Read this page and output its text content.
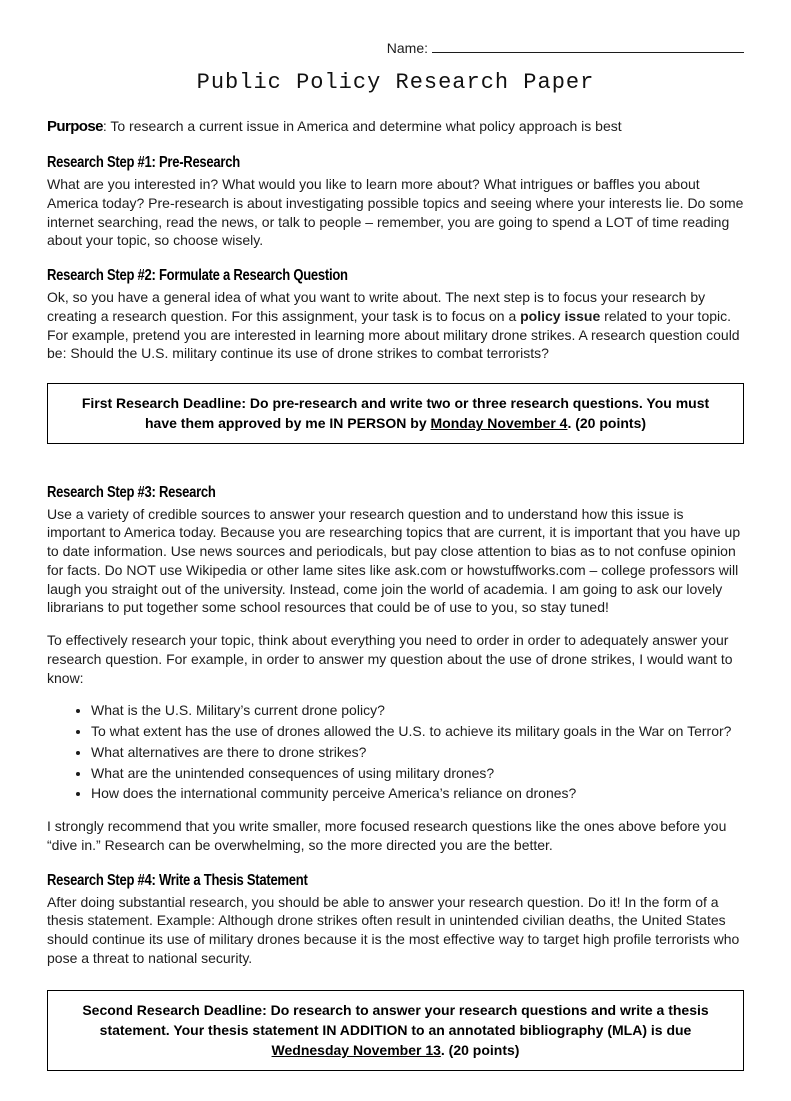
Name:
Public Policy Research Paper

Purpose: To research a current issue in America and determine what policy approach is best

Research Step #1: Pre-Research

What are you interested in? What would you like to learn more about? What intrigues or baffles you about America today? Pre-research is about investigating possible topics and seeing where your interests lie. Do some internet searching, read the news, or talk to people – remember, you are going to spend a LOT of time reading about your topic, so choose wisely.

Research Step #2: Formulate a Research Question

Ok, so you have a general idea of what you want to write about. The next step is to focus your research by creating a research question. For this assignment, your task is to focus on a policy issue related to your topic. For example, pretend you are interested in learning more about military drone strikes. A research question could be: Should the U.S. military continue its use of drone strikes to combat terrorists?

First Research Deadline: Do pre-research and write two or three research questions. You must have them approved by me IN PERSON by Monday November 4. (20 points)
Research Step #3: Research

Use a variety of credible sources to answer your research question and to understand how this issue is important to America today. Because you are researching topics that are current, it is important that you have up to date information. Use news sources and periodicals, but pay close attention to bias as to not confuse opinion for facts. Do NOT use Wikipedia or other lame sites like ask.com or howstuffworks.com – college professors will laugh you straight out of the university. Instead, come join the world of academia. I am going to ask our lovely librarians to put together some school resources that could be of use to you, so stay tuned!

To effectively research your topic, think about everything you need to order in order to adequately answer your research question. For example, in order to answer my question about the use of drone strikes, I would want to know:

• What is the U.S. Military’s current drone policy?
• To what extent has the use of drones allowed the U.S. to achieve its military goals in the War on Terror?
• What alternatives are there to drone strikes?
• What are the unintended consequences of using military drones?
• How does the international community perceive America’s reliance on drones?

I strongly recommend that you write smaller, more focused research questions like the ones above before you “dive in.” Research can be overwhelming, so the more directed you are the better.

Research Step #4: Write a Thesis Statement

After doing substantial research, you should be able to answer your research question. Do it! In the form of a thesis statement. Example: Although drone strikes often result in unintended civilian deaths, the United States should continue its use of military drones because it is the most effective way to target high profile terrorists who pose a threat to national security.

Second Research Deadline: Do research to answer your research questions and write a thesis statement. Your thesis statement IN ADDITION to an annotated bibliography (MLA) is due Wednesday November 13. (20 points)
